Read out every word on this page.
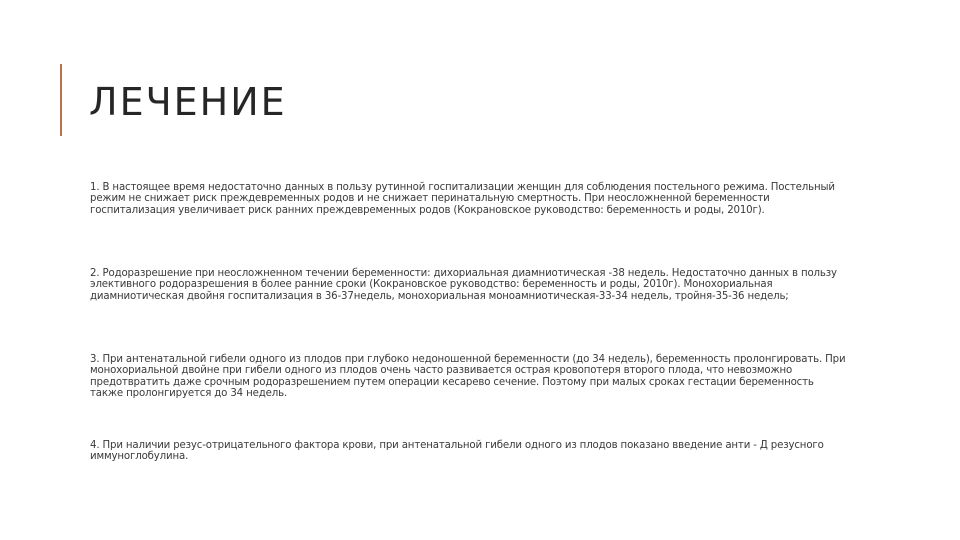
ЛЕЧЕНИЕ

1. В настоящее время недостаточно данных в пользу рутинной госпитализации женщин для соблюдения постельного режима. Постельный режим не снижает риск преждевременных родов и не снижает перинатальную смертность. При неосложненной беременности госпитализация увеличивает риск ранних преждевременных родов (Кокрановское руководство: беременность и роды, 2010г).

2. Родоразрешение при неосложненном течении беременности: дихориальная диамниотическая -38 недель. Недостаточно данных в пользу элективного родоразрешения в более ранние сроки (Кокрановское руководство: беременность и роды, 2010г). Монохориальная диамниотическая двойня госпитализация в 36-37недель, монохориальная моноамниотическая-33-34 недель, тройня-35-36 недель;

3. При антенатальной гибели одного из плодов при глубоко недоношенной беременности (до 34 недель), беременность пролонгировать. При монохориальной двойне при гибели одного из плодов очень часто развивается острая кровопотеря второго плода, что невозможно предотвратить даже срочным родоразрешением путем операции кесарево сечение. Поэтому при малых сроках гестации беременность также пролонгируется до 34 недель.

4. При наличии резус-отрицательного фактора крови, при антенатальной гибели одного из плодов показано введение анти - Д резусного иммуноглобулина.
